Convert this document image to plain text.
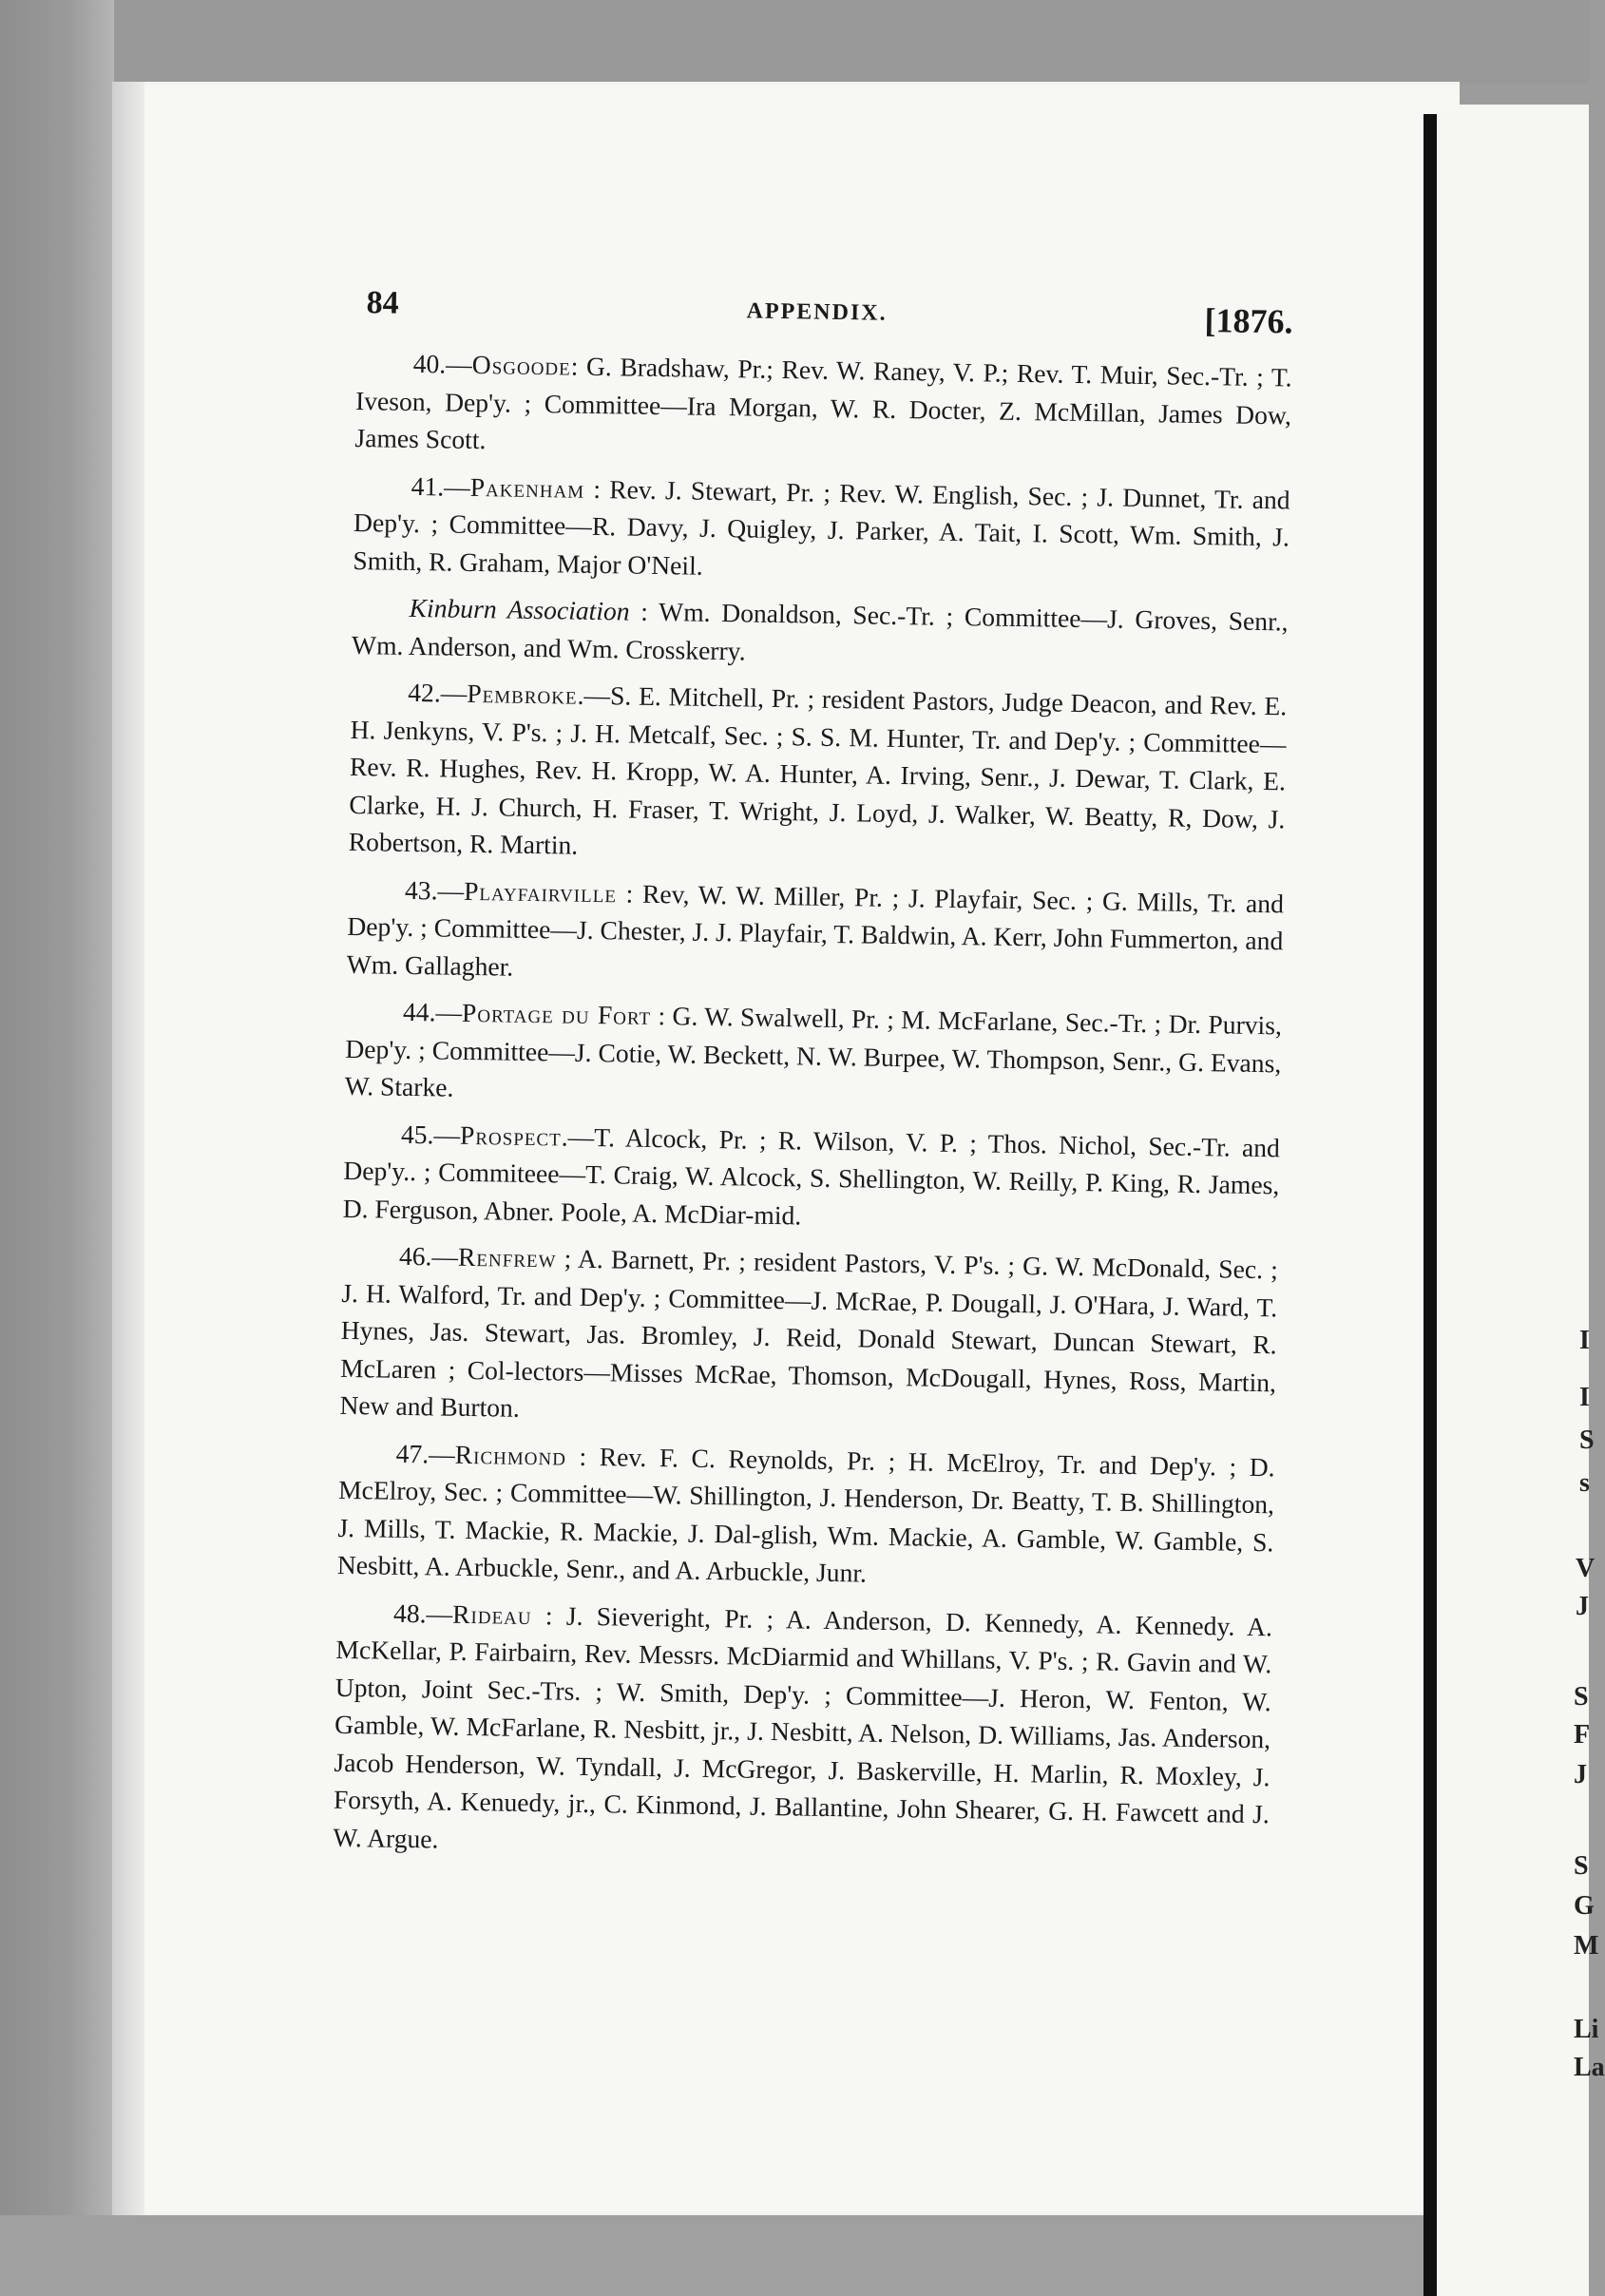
I
I
S
s
V
J
S
F
J
S
G
M
Li
La
84	APPENDIX.	[1876.

40.—Osgoode: G. Bradshaw, Pr.; Rev. W. Raney, V. P.; Rev. T. Muir, Sec.-Tr. ; T. Iveson, Dep'y. ; Committee—Ira Morgan, W. R. Docter, Z. McMillan, James Dow, James Scott.

41.—Pakenham : Rev. J. Stewart, Pr. ; Rev. W. English, Sec. ; J. Dunnet, Tr. and Dep'y. ; Committee—R. Davy, J. Quigley, J. Parker, A. Tait, I. Scott, Wm. Smith, J. Smith, R. Graham, Major O'Neil.

Kinburn Association : Wm. Donaldson, Sec.-Tr. ; Committee—J. Groves, Senr., Wm. Anderson, and Wm. Crosskerry.

42.—Pembroke.—S. E. Mitchell, Pr. ; resident Pastors, Judge Deacon, and Rev. E. H. Jenkyns, V. P's. ; J. H. Metcalf, Sec. ; S. S. M. Hunter, Tr. and Dep'y. ; Committee—Rev. R. Hughes, Rev. H. Kropp, W. A. Hunter, A. Irving, Senr., J. Dewar, T. Clark, E. Clarke, H. J. Church, H. Fraser, T. Wright, J. Loyd, J. Walker, W. Beatty, R, Dow, J. Robertson, R. Martin.

43.—Playfairville : Rev, W. W. Miller, Pr. ; J. Playfair, Sec. ; G. Mills, Tr. and Dep'y. ; Committee—J. Chester, J. J. Playfair, T. Baldwin, A. Kerr, John Fummerton, and Wm. Gallagher.

44.—Portage du Fort : G. W. Swalwell, Pr. ; M. McFarlane, Sec.-Tr. ; Dr. Purvis, Dep'y. ; Committee—J. Cotie, W. Beckett, N. W. Burpee, W. Thompson, Senr., G. Evans, W. Starke.

45.—Prospect.—T. Alcock, Pr. ; R. Wilson, V. P. ; Thos. Nichol, Sec.-Tr. and Dep'y.. ; Commiteee—T. Craig, W. Alcock, S. Shellington, W. Reilly, P. King, R. James, D. Ferguson, Abner. Poole, A. McDiar-mid.

46.—Renfrew ; A. Barnett, Pr. ; resident Pastors, V. P's. ; G. W. McDonald, Sec. ; J. H. Walford, Tr. and Dep'y. ; Committee—J. McRae, P. Dougall, J. O'Hara, J. Ward, T. Hynes, Jas. Stewart, Jas. Bromley, J. Reid, Donald Stewart, Duncan Stewart, R. McLaren ; Col-lectors—Misses McRae, Thomson, McDougall, Hynes, Ross, Martin, New and Burton.

47.—Richmond : Rev. F. C. Reynolds, Pr. ; H. McElroy, Tr. and Dep'y. ; D. McElroy, Sec. ; Committee—W. Shillington, J. Henderson, Dr. Beatty, T. B. Shillington, J. Mills, T. Mackie, R. Mackie, J. Dal-glish, Wm. Mackie, A. Gamble, W. Gamble, S. Nesbitt, A. Arbuckle, Senr., and A. Arbuckle, Junr.

48.—Rideau : J. Sieveright, Pr. ; A. Anderson, D. Kennedy, A. Kennedy. A. McKellar, P. Fairbairn, Rev. Messrs. McDiarmid and Whillans, V. P's. ; R. Gavin and W. Upton, Joint Sec.-Trs. ; W. Smith, Dep'y. ; Committee—J. Heron, W. Fenton, W. Gamble, W. McFarlane, R. Nesbitt, jr., J. Nesbitt, A. Nelson, D. Williams, Jas. Anderson, Jacob Henderson, W. Tyndall, J. McGregor, J. Baskerville, H. Marlin, R. Moxley, J. Forsyth, A. Kenuedy, jr., C. Kinmond, J. Ballantine, John Shearer, G. H. Fawcett and J. W. Argue.
